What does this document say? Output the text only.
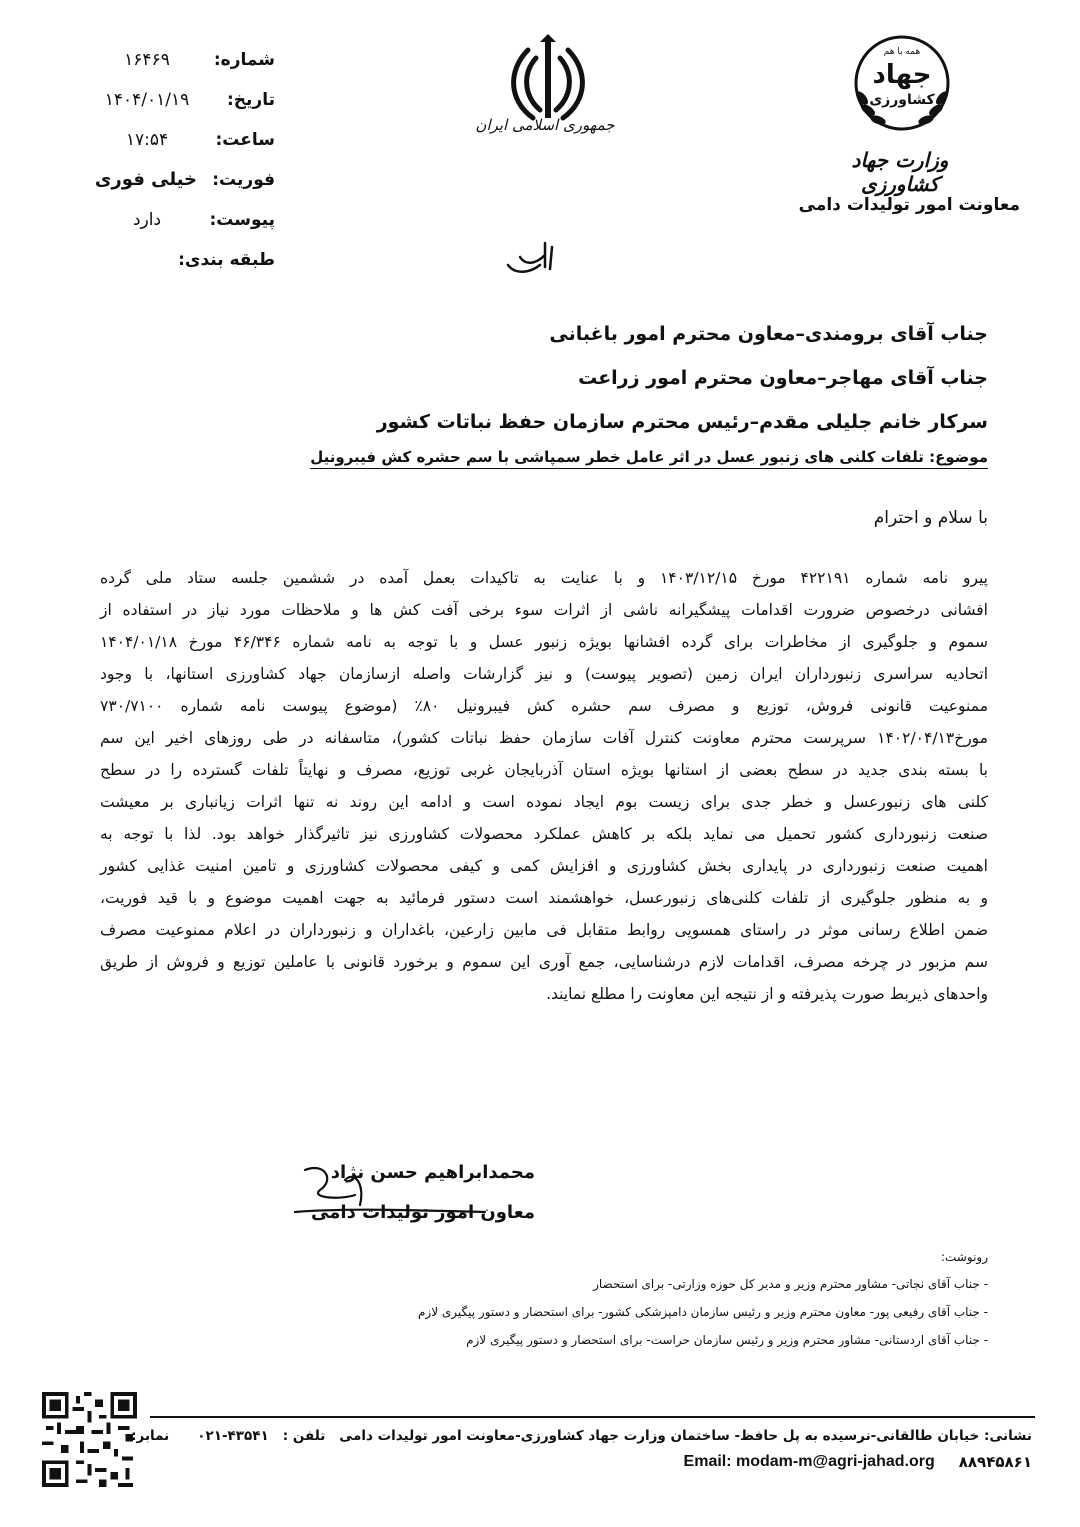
شماره:
۱۶۴۶۹
تاریخ:
۱۴۰۴/۰۱/۱۹
ساعت:
۱۷:۵۴
فوریت:
خیلی فوری
پیوست:
دارد
طبقه بندی:
جمهوری اسلامی ایران
همه با هم
جهاد
کشاورزی
وزارت جهاد کشاورزی
معاونت امور تولیدات دامی
جناب آقای برومندی–معاون محترم امور باغبانی
جناب آقای مهاجر–معاون محترم امور زراعت
سرکار خانم جلیلی مقدم–رئیس محترم سازمان حفظ نباتات کشور
موضوع: تلفات کلنی های زنبور عسل در اثر عامل خطر سمپاشی با سم حشره کش فیبرونیل
با سلام و احترام
پیرو نامه شماره ۴۲۲۱۹۱ مورخ ۱۴۰۳/۱۲/۱۵ و با عنایت به تاکیدات بعمل آمده در ششمین جلسه ستاد ملی گرده
افشانی درخصوص ضرورت اقدامات پیشگیرانه ناشی از اثرات سوء برخی آفت کش ها و ملاحظات مورد نیاز در استفاده از
سموم و جلوگیری از مخاطرات برای گرده افشانها بویژه زنبور عسل و با توجه به نامه شماره ۴۶/۳۴۶ مورخ ۱۴۰۴/۰۱/۱۸
اتحادیه سراسری زنبورداران ایران زمین (تصویر پیوست) و نیز گزارشات واصله ازسازمان جهاد کشاورزی استانها، با وجود
ممنوعیت قانونی فروش، توزیع و مصرف سم حشره کش فیبرونیل ۸۰٪ (موضوع پیوست نامه شماره ۷۳۰/۷۱۰۰
مورخ۱۴۰۲/۰۴/۱۳ سرپرست محترم معاونت کنترل آفات سازمان حفظ نباتات کشور)، متاسفانه در طی روزهای اخیر این سم
با بسته بندی جدید در سطح بعضی از استانها بویژه استان آذربایجان غربی توزیع، مصرف و نهایتاً تلفات گسترده را در سطح
کلنی های زنبورعسل و خطر جدی برای زیست بوم ایجاد نموده است و ادامه این روند نه تنها اثرات زیانباری بر معیشت
صنعت زنبورداری کشور تحمیل می نماید بلکه بر کاهش عملکرد محصولات کشاورزی نیز تاثیرگذار خواهد بود. لذا با توجه به
اهمیت صنعت زنبورداری در پایداری بخش کشاورزی و افزایش کمی و کیفی محصولات کشاورزی و تامین امنیت غذایی کشور
و به منظور جلوگیری از تلفات کلنی‌های زنبورعسل، خواهشمند است دستور فرمائید به جهت اهمیت موضوع و با قید فوریت،
ضمن اطلاع رسانی موثر در راستای همسویی روابط متقابل فی مابین زارعین، باغداران و زنبورداران در اعلام ممنوعیت مصرف
سم مزبور در چرخه مصرف، اقدامات لازم درشناسایی، جمع آوری این سموم و برخورد قانونی با عاملین توزیع و فروش از طریق
واحدهای ذیربط صورت پذیرفته و از نتیجه این معاونت را مطلع نمایند.
محمدابراهیم حسن نژاد
معاون امور تولیدات دامی
رونوشت:
- جناب آقای نجاتی- مشاور محترم وزیر و مدیر کل حوزه وزارتی- برای استحضار
- جناب آقای رفیعی پور- معاون محترم وزیر و رئیس سازمان دامپزشکی کشور- برای استحضار و دستور پیگیری لازم
- جناب آقای اردستانی- مشاور محترم وزیر و رئیس سازمان حراست- برای استحضار و دستور پیگیری لازم
نشانی: خیابان طالقانی-نرسیده به پل حافظ- ساختمان وزارت جهاد کشاورزی-معاونت امور تولیدات دامی
تلفن :
۰۲۱-۴۳۵۴۱
نمابر:
۸۸۹۴۵۸۶۱
Email: modam-m@agri-jahad.org
